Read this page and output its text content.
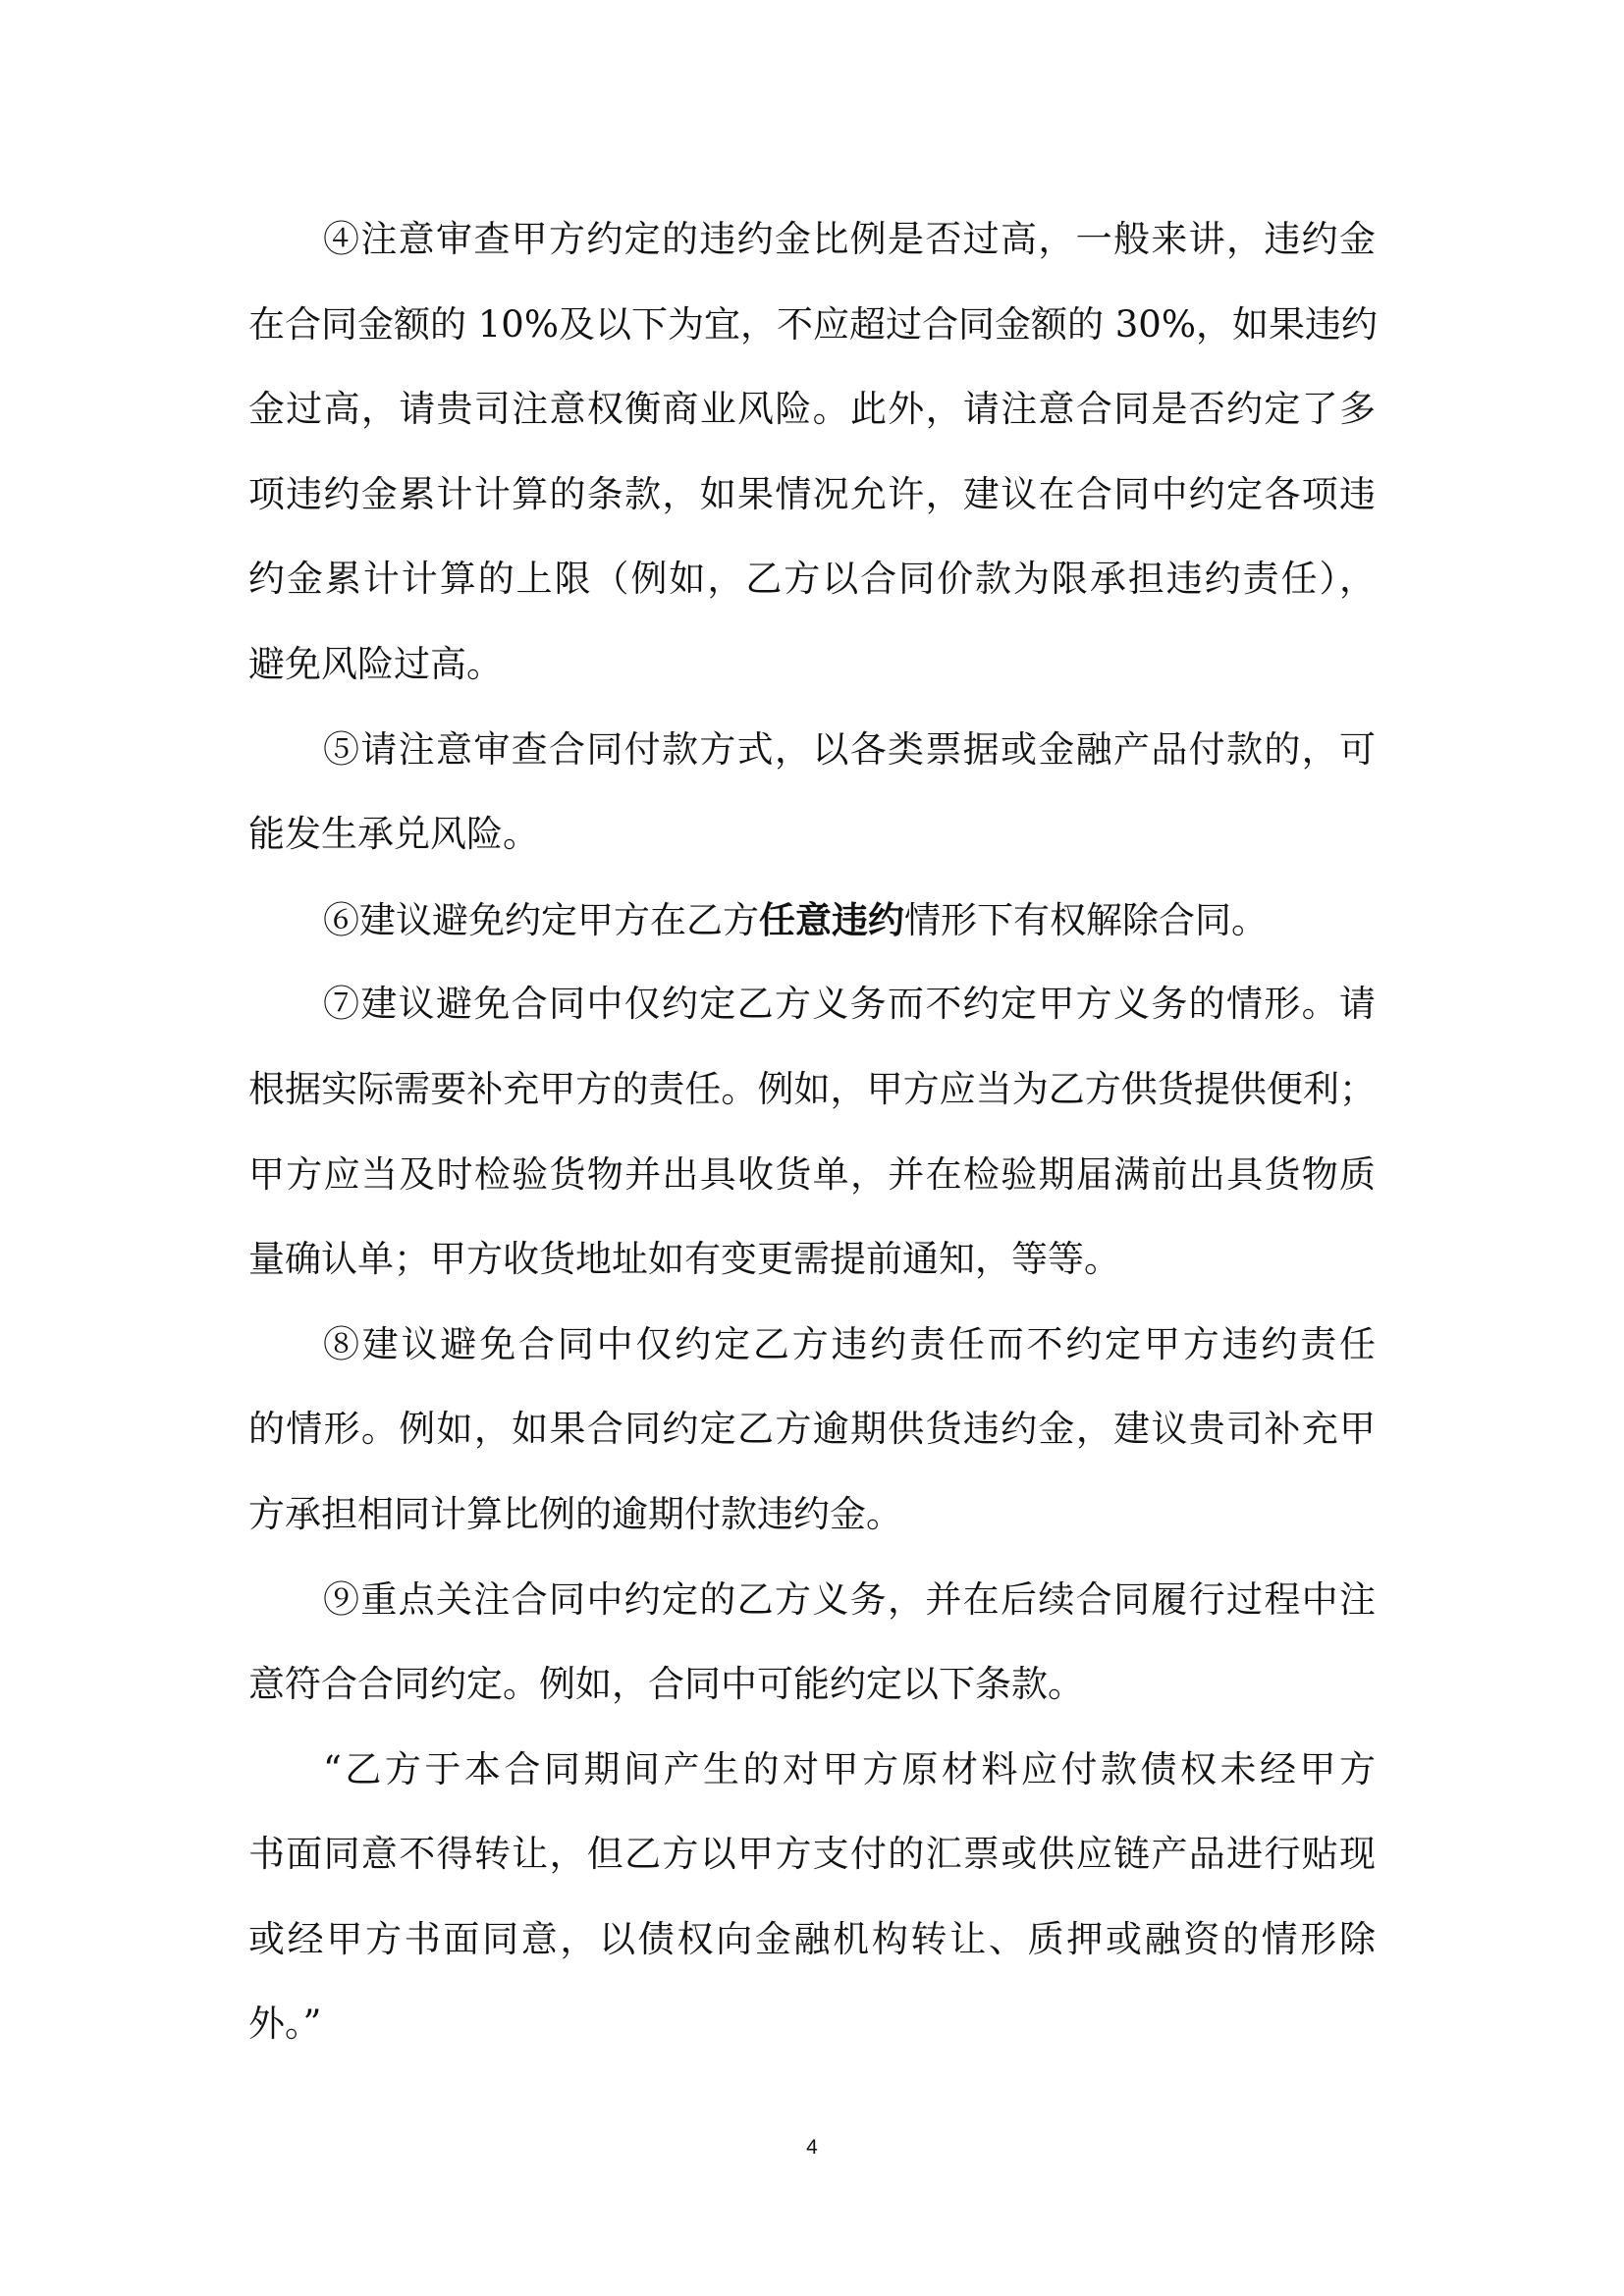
④注意审查甲方约定的违约金比例是否过高，一般来讲，违约金
在合同金额的 10%及以下为宜，不应超过合同金额的 30%，如果违约
金过高，请贵司注意权衡商业风险。此外，请注意合同是否约定了多
项违约金累计计算的条款，如果情况允许，建议在合同中约定各项违
约金累计计算的上限（例如，乙方以合同价款为限承担违约责任），
避免风险过高。
⑤请注意审查合同付款方式，以各类票据或金融产品付款的，可
能发生承兑风险。
⑥建议避免约定甲方在乙方任意违约情形下有权解除合同。
⑦建议避免合同中仅约定乙方义务而不约定甲方义务的情形。请
根据实际需要补充甲方的责任。例如，甲方应当为乙方供货提供便利；
甲方应当及时检验货物并出具收货单，并在检验期届满前出具货物质
量确认单；甲方收货地址如有变更需提前通知，等等。
⑧建议避免合同中仅约定乙方违约责任而不约定甲方违约责任
的情形。例如，如果合同约定乙方逾期供货违约金，建议贵司补充甲
方承担相同计算比例的逾期付款违约金。
⑨重点关注合同中约定的乙方义务，并在后续合同履行过程中注
意符合合同约定。例如，合同中可能约定以下条款。
“乙方于本合同期间产生的对甲方原材料应付款债权未经甲方
书面同意不得转让，但乙方以甲方支付的汇票或供应链产品进行贴现
或经甲方书面同意，以债权向金融机构转让、质押或融资的情形除
外。”
4
